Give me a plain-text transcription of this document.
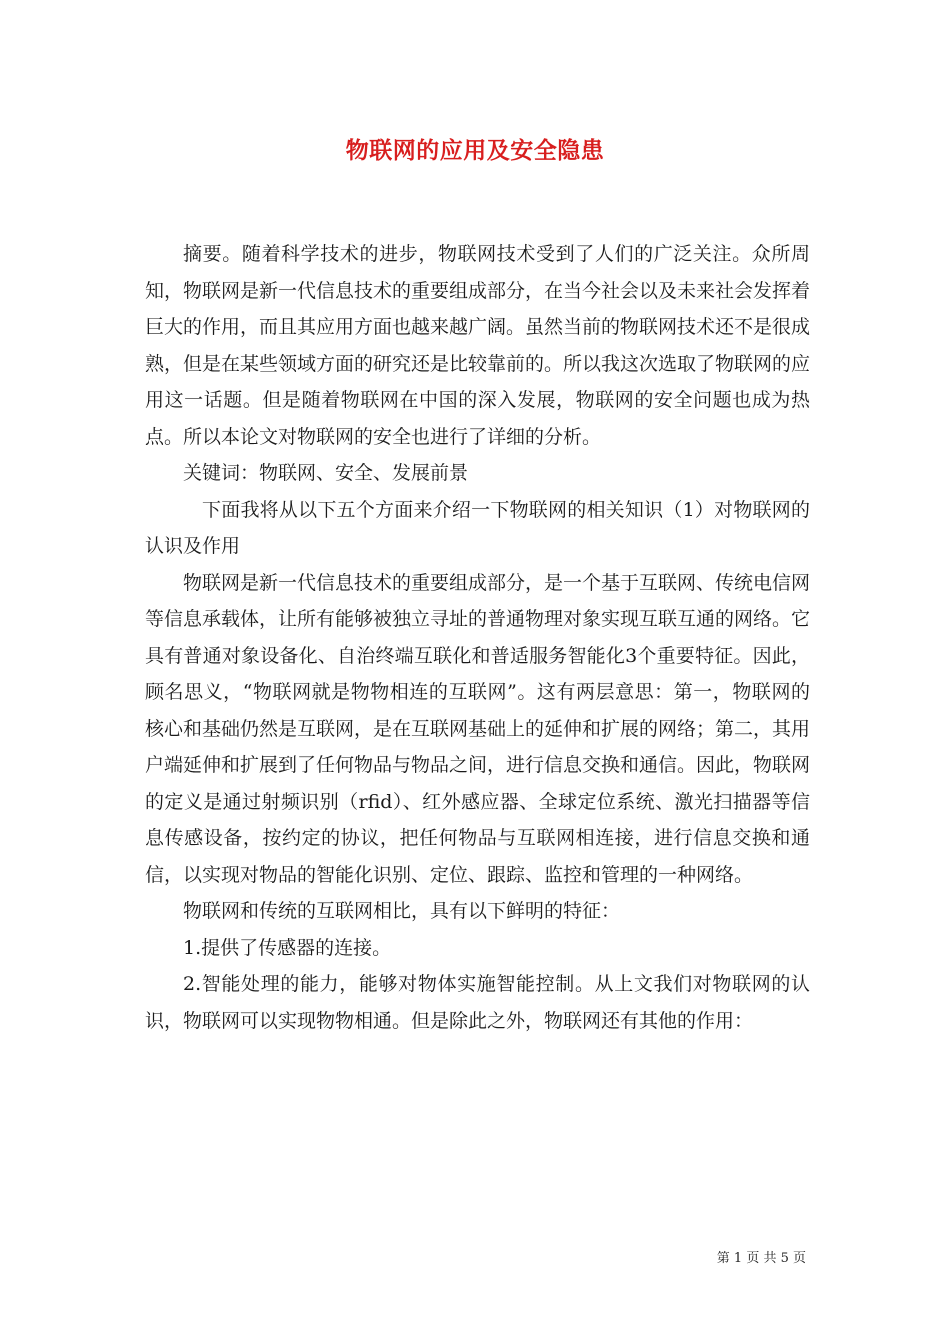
物联网的应用及安全隐患

摘要。随着科学技术的进步，物联网技术受到了人们的广泛关注。众所周知，物联网是新一代信息技术的重要组成部分，在当今社会以及未来社会发挥着巨大的作用，而且其应用方面也越来越广阔。虽然当前的物联网技术还不是很成熟，但是在某些领域方面的研究还是比较靠前的。所以我这次选取了物联网的应用这一话题。但是随着物联网在中国的深入发展，物联网的安全问题也成为热点。所以本论文对物联网的安全也进行了详细的分析。

关键词：物联网、安全、发展前景

下面我将从以下五个方面来介绍一下物联网的相关知识（1）对物联网的认识及作用

物联网是新一代信息技术的重要组成部分，是一个基于互联网、传统电信网等信息承载体，让所有能够被独立寻址的普通物理对象实现互联互通的网络。它具有普通对象设备化、自治终端互联化和普适服务智能化3个重要特征。因此，顾名思义，“物联网就是物物相连的互联网”。这有两层意思：第一，物联网的核心和基础仍然是互联网，是在互联网基础上的延伸和扩展的网络；第二，其用户端延伸和扩展到了任何物品与物品之间，进行信息交换和通信。因此，物联网的定义是通过射频识别（rfid）、红外感应器、全球定位系统、激光扫描器等信息传感设备，按约定的协议，把任何物品与互联网相连接，进行信息交换和通信，以实现对物品的智能化识别、定位、跟踪、监控和管理的一种网络。

物联网和传统的互联网相比，具有以下鲜明的特征：

1.提供了传感器的连接。

2.智能处理的能力，能够对物体实施智能控制。从上文我们对物联网的认识，物联网可以实现物物相通。但是除此之外，物联网还有其他的作用：

第 1 页 共 5 页
